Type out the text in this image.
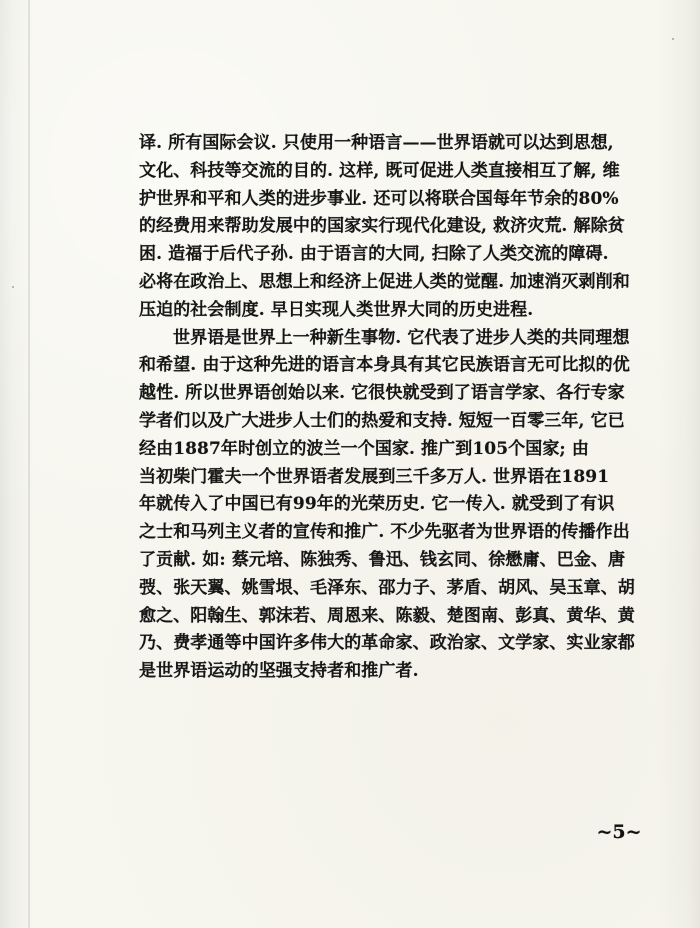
译. 所有国际会议. 只使用一种语言——世界语就可以达到思想,
文化、科技等交流的目的. 这样, 既可促进人类直接相互了解, 维
护世界和平和人类的进步事业. 还可以将联合国每年节余的80%
的经费用来帮助发展中的国家实行现代化建设, 救济灾荒. 解除贫
困. 造福于后代子孙. 由于语言的大同, 扫除了人类交流的障碍.
必将在政治上、思想上和经济上促进人类的觉醒. 加速消灭剥削和
压迫的社会制度. 早日实现人类世界大同的历史进程.
世界语是世界上一种新生事物. 它代表了进步人类的共同理想
和希望. 由于这种先进的语言本身具有其它民族语言无可比拟的优
越性. 所以世界语创始以来. 它很快就受到了语言学家、各行专家
学者们以及广大进步人士们的热爱和支持. 短短一百零三年, 它已
经由1887年时创立的波兰一个国家. 推广到105个国家; 由
当初柴门霍夫一个世界语者发展到三千多万人. 世界语在1891
年就传入了中国已有99年的光荣历史. 它一传入. 就受到了有识
之士和马列主义者的宣传和推广. 不少先驱者为世界语的传播作出
了贡献. 如: 蔡元培、陈独秀、鲁迅、钱玄同、徐懋庸、巴金、唐
弢、张天翼、姚雪垠、毛泽东、邵力子、茅盾、胡风、吴玉章、胡
愈之、阳翰生、郭沫若、周恩来、陈毅、楚图南、彭真、黄华、黄
乃、费孝通等中国许多伟大的革命家、政治家、文学家、实业家都
是世界语运动的坚强支持者和推广者.
~5~
